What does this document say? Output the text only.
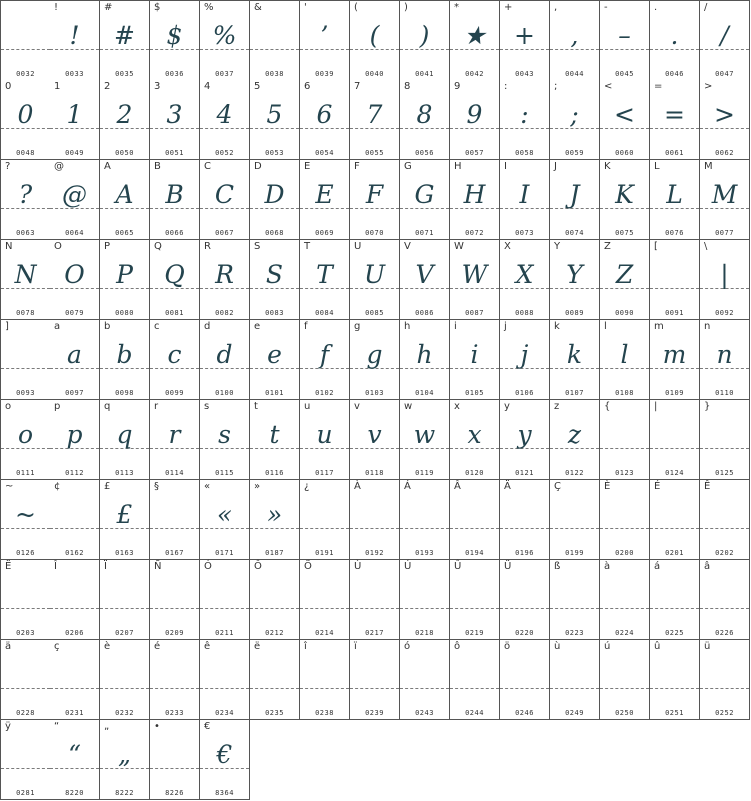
0032
!
!
0033
#
#
0035
$
$
0036
%
%
0037
&
0038
'
’
0039
(
(
0040
)
)
0041
*
★
0042
+
+
0043
,
,
0044
-
–
0045
.
.
0046
/
/
0047
0
0
0048
1
1
0049
2
2
0050
3
3
0051
4
4
0052
5
5
0053
6
6
0054
7
7
0055
8
8
0056
9
9
0057
:
:
0058
;
;
0059
<
<
0060
=
=
0061
>
>
0062
?
?
0063
@
@
0064
A
A
0065
B
B
0066
C
C
0067
D
D
0068
E
E
0069
F
F
0070
G
G
0071
H
H
0072
I
I
0073
J
J
0074
K
K
0075
L
L
0076
M
M
0077
N
N
0078
O
O
0079
P
P
0080
Q
Q
0081
R
R
0082
S
S
0083
T
T
0084
U
U
0085
V
V
0086
W
W
0087
X
X
0088
Y
Y
0089
Z
Z
0090
[
0091
\
|
0092
]
0093
a
a
0097
b
b
0098
c
c
0099
d
d
0100
e
e
0101
f
f
0102
g
g
0103
h
h
0104
i
i
0105
j
j
0106
k
k
0107
l
l
0108
m
m
0109
n
n
0110
o
o
0111
p
p
0112
q
q
0113
r
r
0114
s
s
0115
t
t
0116
u
u
0117
v
v
0118
w
w
0119
x
x
0120
y
y
0121
z
z
0122
{
0123
|
0124
}
0125
~
~
0126
¢
0162
£
£
0163
§
0167
«
«
0171
»
»
0187
¿
0191
À
0192
Á
0193
Â
0194
Ä
0196
Ç
0199
È
0200
É
0201
Ê
0202
Ë
0203
Î
0206
Ï
0207
Ñ
0209
Ó
0211
Ô
0212
Ö
0214
Ù
0217
Ú
0218
Û
0219
Ü
0220
ß
0223
à
0224
á
0225
â
0226
ä
0228
ç
0231
è
0232
é
0233
ê
0234
ë
0235
î
0238
ï
0239
ó
0243
ô
0244
ö
0246
ù
0249
ú
0250
û
0251
ü
0252
ÿ
0281
“
“
8220
„
„
8222
•
8226
€
€
8364
